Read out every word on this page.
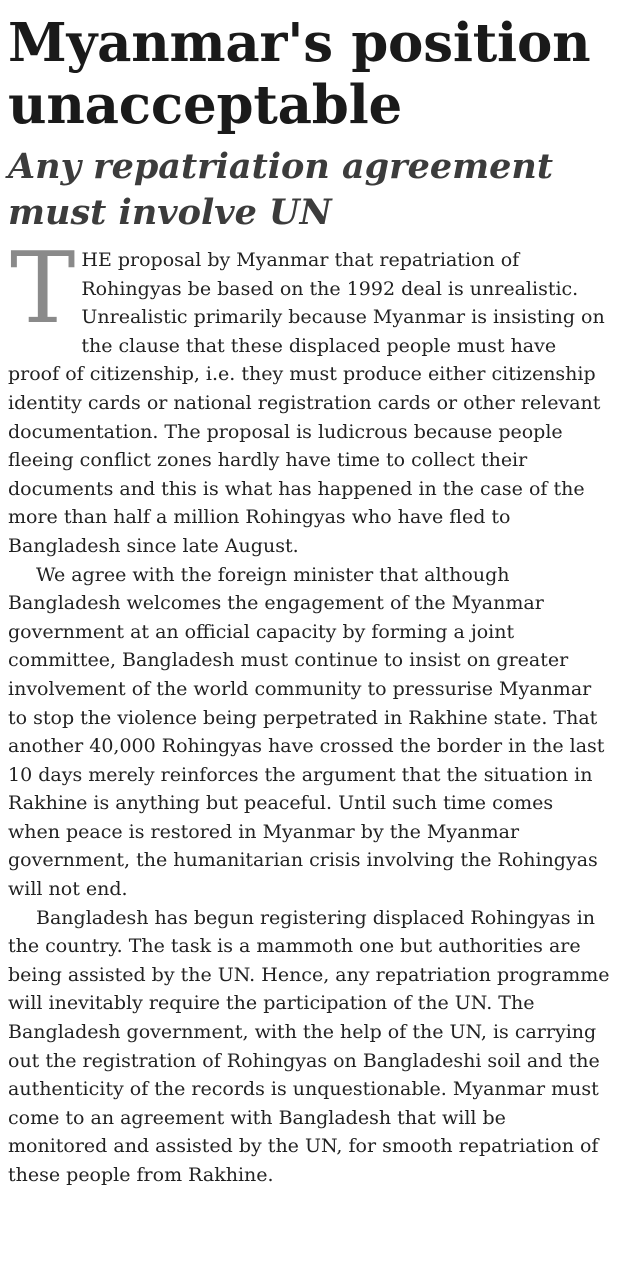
Myanmar's position unacceptable
Any repatriation agreement must involve UN

THE proposal by Myanmar that repatriation of Rohingyas be based on the 1992 deal is unrealistic. Unrealistic primarily because Myanmar is insisting on the clause that these displaced people must have proof of citizenship, i.e. they must produce either citizenship identity cards or national registration cards or other relevant documentation. The proposal is ludicrous because people fleeing conflict zones hardly have time to collect their documents and this is what has happened in the case of the more than half a million Rohingyas who have fled to Bangladesh since late August.

We agree with the foreign minister that although Bangladesh welcomes the engagement of the Myanmar government at an official capacity by forming a joint committee, Bangladesh must continue to insist on greater involvement of the world community to pressurise Myanmar to stop the violence being perpetrated in Rakhine state. That another 40,000 Rohingyas have crossed the border in the last 10 days merely reinforces the argument that the situation in Rakhine is anything but peaceful. Until such time comes when peace is restored in Myanmar by the Myanmar government, the humanitarian crisis involving the Rohingyas will not end.

Bangladesh has begun registering displaced Rohingyas in the country. The task is a mammoth one but authorities are being assisted by the UN. Hence, any repatriation programme will inevitably require the participation of the UN. The Bangladesh government, with the help of the UN, is carrying out the registration of Rohingyas on Bangladeshi soil and the authenticity of the records is unquestionable. Myanmar must come to an agreement with Bangladesh that will be monitored and assisted by the UN, for smooth repatriation of these people from Rakhine.
